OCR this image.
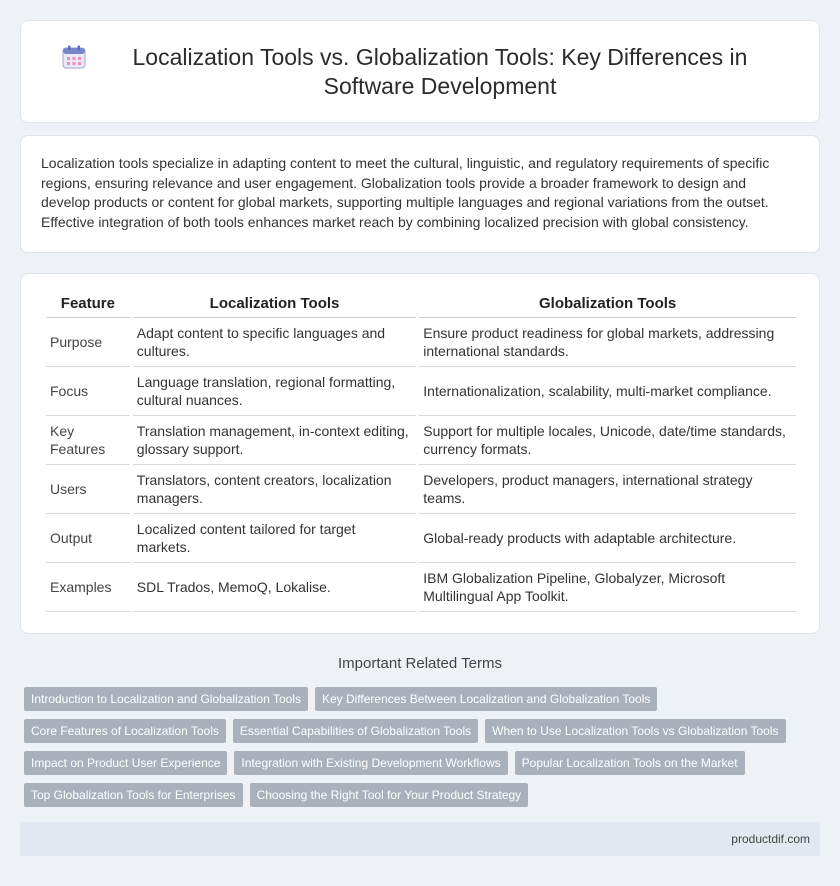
Localization Tools vs. Globalization Tools: Key Differences in Software Development

Localization tools specialize in adapting content to meet the cultural, linguistic, and regulatory requirements of specific regions, ensuring relevance and user engagement. Globalization tools provide a broader framework to design and develop products or content for global markets, supporting multiple languages and regional variations from the outset. Effective integration of both tools enhances market reach by combining localized precision with global consistency.

Feature	Localization Tools	Globalization Tools
Purpose	Adapt content to specific languages and cultures.	Ensure product readiness for global markets, addressing international standards.
Focus	Language translation, regional formatting, cultural nuances.	Internationalization, scalability, multi-market compliance.
Key Features	Translation management, in-context editing, glossary support.	Support for multiple locales, Unicode, date/time standards, currency formats.
Users	Translators, content creators, localization managers.	Developers, product managers, international strategy teams.
Output	Localized content tailored for target markets.	Global-ready products with adaptable architecture.
Examples	SDL Trados, MemoQ, Lokalise.	IBM Globalization Pipeline, Globalyzer, Microsoft Multilingual App Toolkit.
Important Related Terms
Introduction to Localization and Globalization Tools	Key Differences Between Localization and Globalization Tools
Core Features of Localization Tools	Essential Capabilities of Globalization Tools	When to Use Localization Tools vs Globalization Tools
Impact on Product User Experience	Integration with Existing Development Workflows	Popular Localization Tools on the Market
Top Globalization Tools for Enterprises	Choosing the Right Tool for Your Product Strategy
productdif.com
